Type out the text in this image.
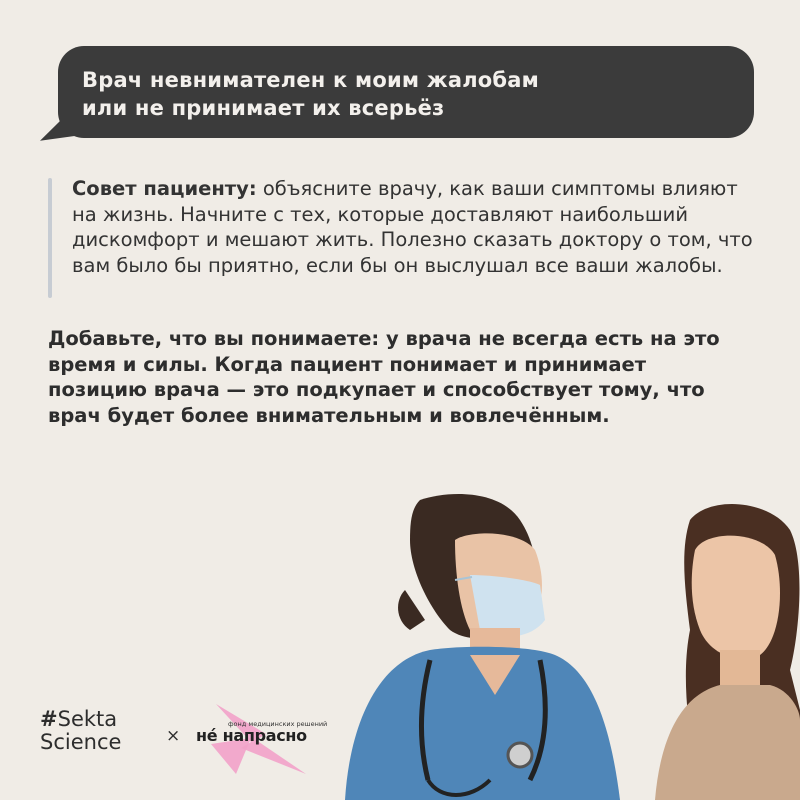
Врач невнимателен к моим жалобам
или не принимает их всерьёз
Совет пациенту: объясните врачу, как ваши симптомы влияют на жизнь. Начните с тех, которые доставляют наибольший дискомфорт и мешают жить. Полезно сказать доктору о том, что вам было бы приятно, если бы он выслушал все ваши жалобы.
Добавьте, что вы понимаете: у врача не всегда есть на это время и силы. Когда пациент понимает и принимает позицию врача — это подкупает и способствует тому, что врач будет более внимательным и вовлечённым.
#Sekta
Science	×
фонд медицинских решений
не́ напрасно
